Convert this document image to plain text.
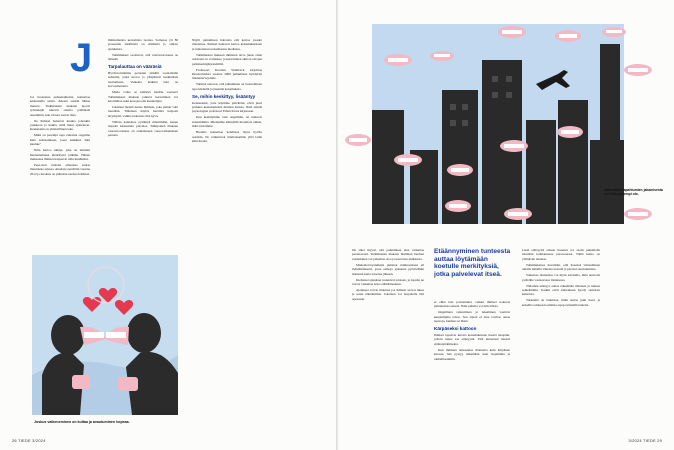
J

Jos huolestuu puheenaiheista, kannattaa keskustella niistä. Aikaan sonkin lähtee muutos. Tutkimusten mukaan luovat työntekijät tekevät oikeita päätöksiä useammin, kun toiveet saavat tilaa.

Ne ihmiset haluavat kuulua johonkin joukkoon ja kuulla, mitä muut ajattelevat. Keskustelu on yhteisöllinen teko.

Mikä on parempi tapa ratkaista ongelma kuin kohtaaminen, jossa kaikkien ääni kuuluu?

Näin kertoo tutkija, joka on tutkinut kuuntelemisen merkitystä pitkään. Hänen mukaansa ihmiset kaipaavat tulla kuulluiksi.

Pese-riesi tunteita aiheuttaa suuria muutoksia arjessa. Aineistoa kerättiin vuonna 2012 ja tuloksia on julkaistu useissa lehdissä.

ihmisuhteista kertomista tuottaa. Somessa yli 80 prosenttia sisällöistä on elämästä ja omista ajatuksista.

Tutkimukset osoittavat, että vastavuoroisuus on tärkeää.

Tarpalauttaa on vääräsiä

Hyvänvointimme perustuu pitkälti sosiaalisille suhteille, jotka luovat ja ylläpitävät keskinäistä luottamusta. Vaikeina hetkinä tuki on korvaamatonta.

Mutta voiko se kääntyä itseään vastaan? Tutkimuksen mukaan jatkuva kertominen voi kuormittaa sekä kertojaa että kuuntelijaa.

Jokainen meistä tuntee ihmisen, joka puhuu vain itsestään. Tällainen käytös herättää helposti ärtymystä, vaikka tarkoitus olisi hyvä.

Tällöin kannattaa pysähtyä miettimään, kenen tarpeita keskustelu palvelee. Tutkijoiden mukaan vastavuoroisuus on onnistuneen vuorovaikutuksen perusta.

Näytti puhumisen haitoista että kertoa jossain tilanteissa. Ihmiset haluavat kertoa kokemuksistaan ja tunteistaan sosiaalisessa mediassa.

Tutkimusten mukaan ihmisten tarve jakaa omia asioitaan on voimakas, ja kertominen aktivoi aivojen palkitsemisjärjestelmää.

Professori Kristian Wahlbeck kirjoittaa Duodecimissa vuonna 2006 puhumisen hyödyistä mielenterveydelle.

Tutkijat uskovat, että puhuminen on luonnollinen tapa käsitellä ja jäsentää kokemuksia.

Se, mihin keskittyy, lisääntyy

Keskustelut, joita käymme päivittäin, eivät juuri poikkea keskusteluista muiden kanssa. Näin esittää psykologian professori Ethan Kross kirjassaan.

Kun keskitymme vain ongelmiin, ne tuntuvat suuremmilta. Mielemme kiinnittää huomiota siihen, mitä toistamme.

Huomio kannattaa kohdistaa myös hyviin asioihin. Ne vaikuttavat mielialaamme yhtä lailla kuin huolet.

Joskus valkeneminen on kultaa ja avautuminen hopeaa.
26 TIEDE 3/2024
Jatkuvasta tapahtumien jakamisesta voi tulla pahempi olo.

On siksi myytti, että puhuminen aina vaikuttaa parantavasti. Tutkimusten mukaan liiallinen huolien toistaminen voi pahentaa oloa ja kasvattaa ahdistusta.

Mielenterveystutkijat puhuvat ruminaatiosta eli märehtimisestä, jossa samoja ajatuksia pyöritellään mielessä kerta toisensa jälkeen.

Kielteiset ajatukset ruokkivat toisiaan, ja lopulta ne voivat vaikuttaa koko elämänlaatuun.

Ajatukset voivat muuttua jos ihmiset saavat tukea ja uusia näkökulmia. Jokainen voi harjoitella tätä arjessaan.

Etäännyminen tunteesta auttaa löytämään koetulle merkityksiä, jotka palvelevat itseä.

ei ehkä tule poistettuksi, vaikka ihmiset kokevat puhuneensa asiasta. Näin puhetta voi tulla liikaa.

Ongelmien ratkominen ja tukeminen vaativat kuuntelijalta taitoa. Sen sijaan ei aina tarvitse antaa neuvoja, kunhan on läsnä.

Kärpäseksi kattoon

Ihmiset tapaavat kuvata kokemuksiaan itsestä ulospäin, jolloin tunne saa etäisyyttä. Tätä kutsutaan itsensä etäännyttämiseksi.

Kun ihminen tarkastelee tilannetta kuin kärpänen katosta, hän pystyy näkemään asiat laajemmin ja rauhallisemmin.

Lisää etäisyyttä omaan itseensä voi saada puhumalla itsestään kolmannessa persoonassa. Tämä keino on yllättävän tehokas.

Tutkimuksissa havaittiin, että itseensä viittaaminen omalla nimellä vähensi stressiä ja paransi suoriutumista.

Vaikeissa tilanteissa voi myös kuvitella, mitä neuvoisi ystävälle vastaavassa tilanteessa.

Tällainen etäisyys auttaa näkemään tilanteen ja tunteet selkeämmin. Kaikki eivät kuitenkaan hyödy samoista keinoista.

Tärkeintä on tunnistaa, mikä auttaa juuri itseä, ja kokeilla rohkeasti erilaisia tapoja käsitellä tunteita.

3/2024 TIEDE 29
